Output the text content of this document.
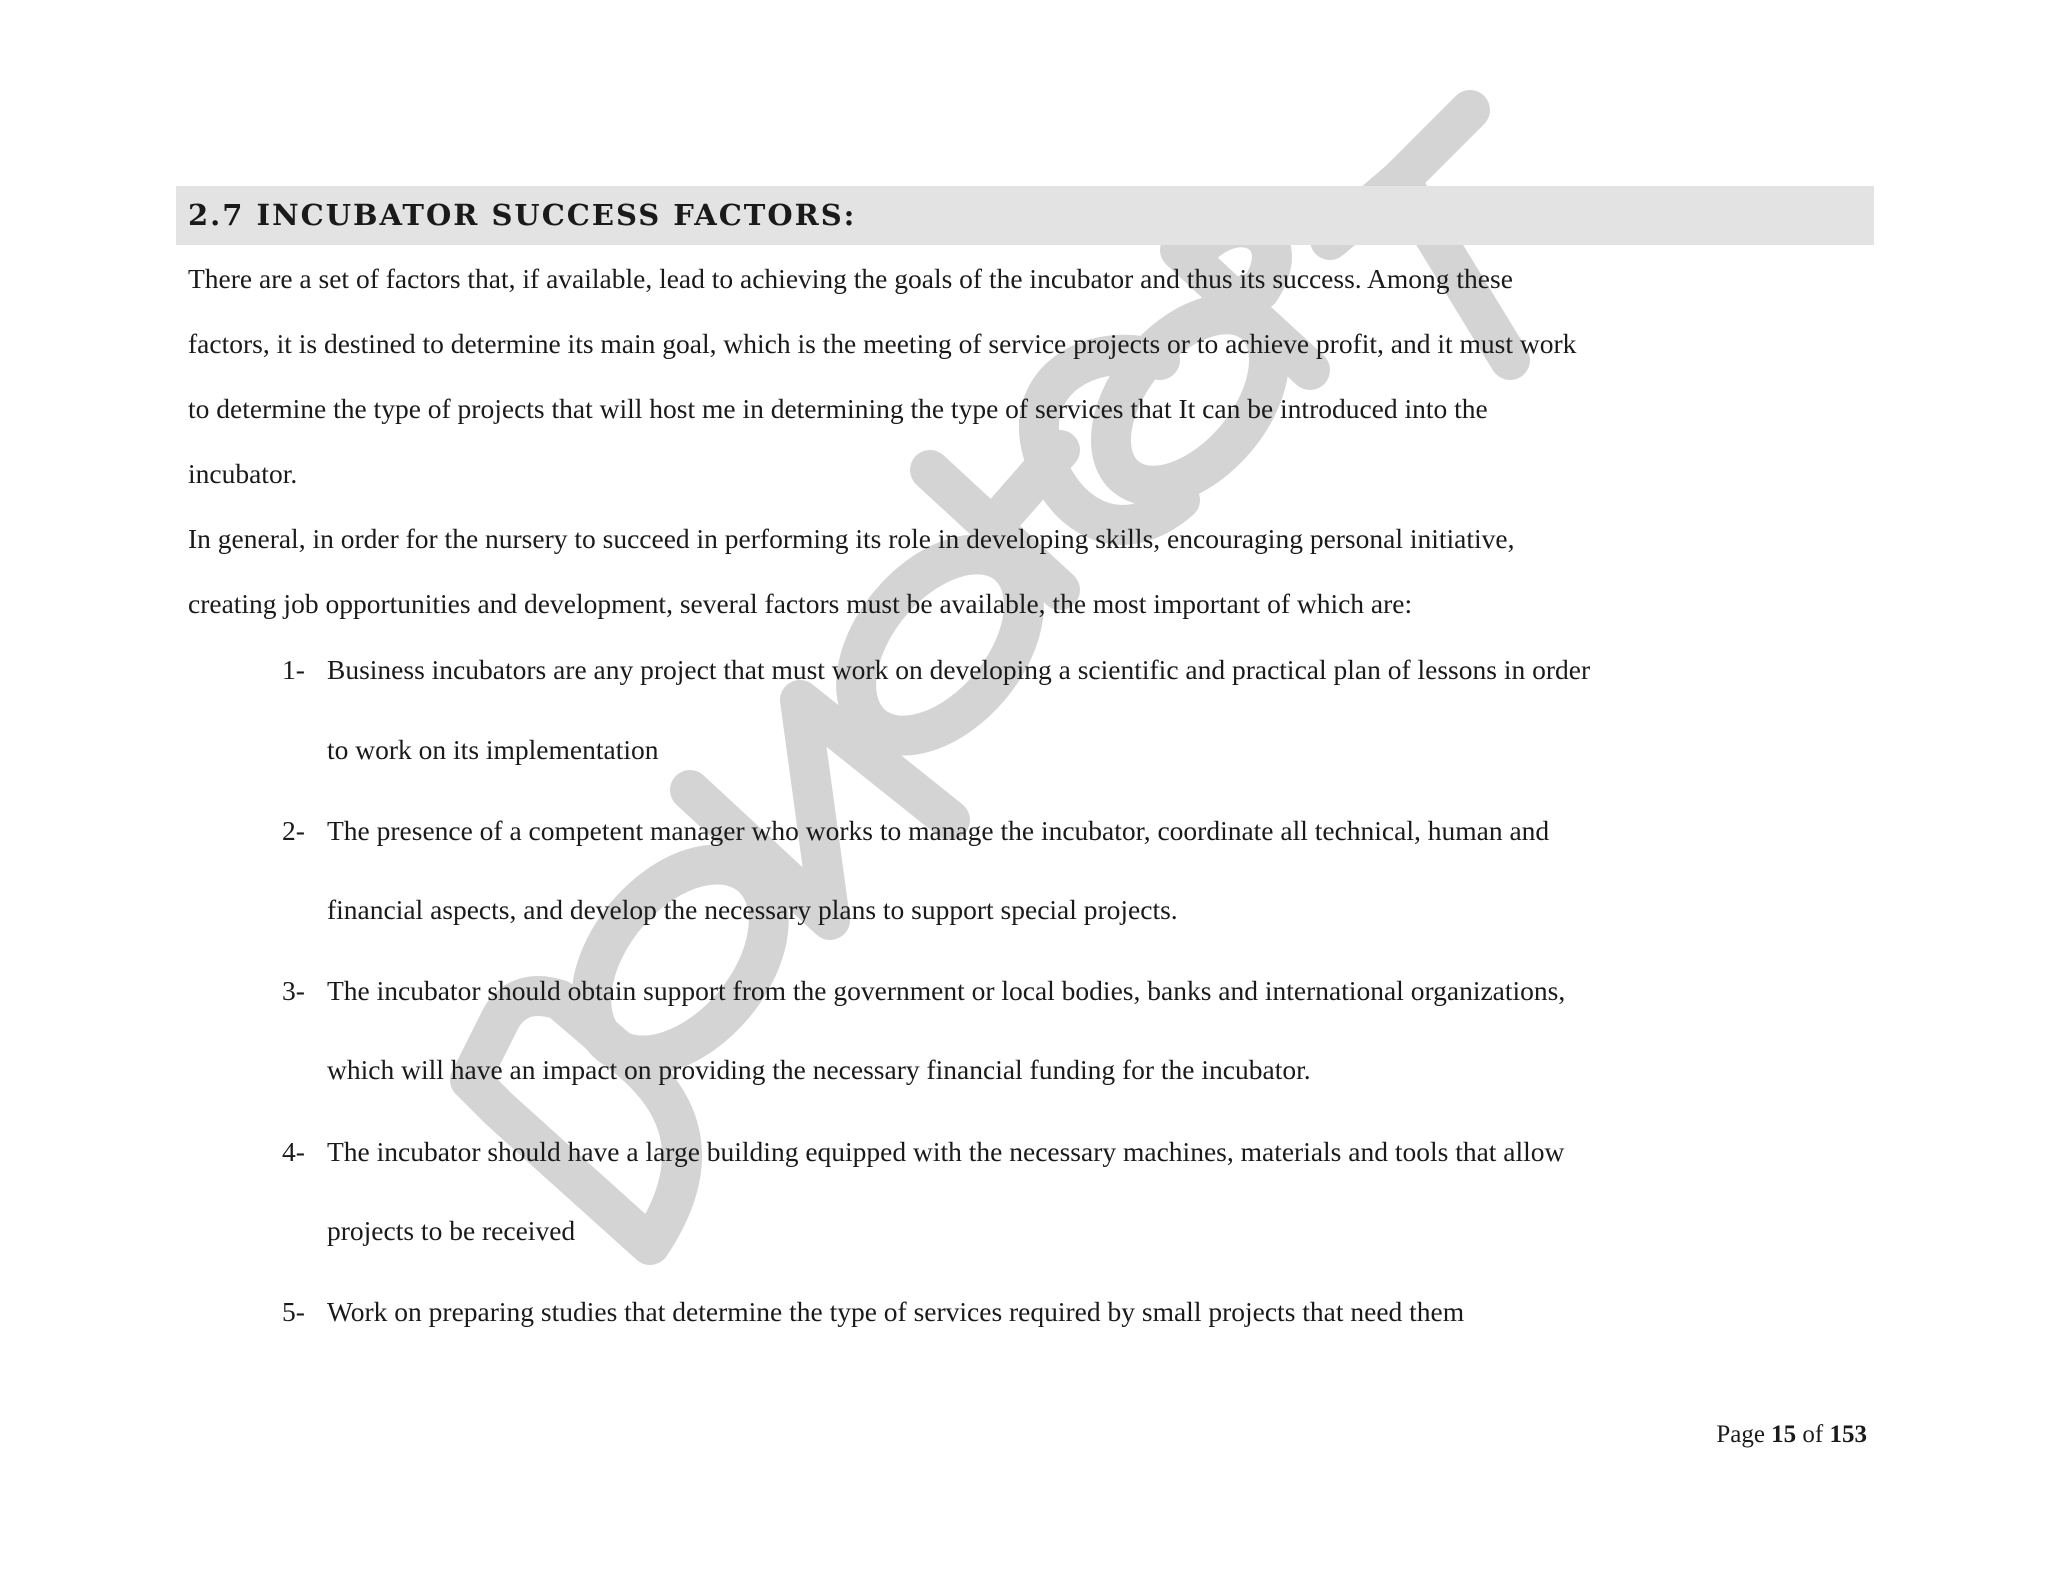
2.7 INCUBATOR SUCCESS FACTORS:
There are a set of factors that, if available, lead to achieving the goals of the incubator and thus its success. Among these
factors, it is destined to determine its main goal, which is the meeting of service projects or to achieve profit, and it must work
to determine the type of projects that will host me in determining the type of services that It can be introduced into the
incubator.
In general, in order for the nursery to succeed in performing its role in developing skills, encouraging personal initiative,
creating job opportunities and development, several factors must be available, the most important of which are:
1- Business incubators are any project that must work on developing a scientific and practical plan of lessons in order
to work on its implementation
2- The presence of a competent manager who works to manage the incubator, coordinate all technical, human and
financial aspects, and develop the necessary plans to support special projects.
3- The incubator should obtain support from the government or local bodies, banks and international organizations,
which will have an impact on providing the necessary financial funding for the incubator.
4- The incubator should have a large building equipped with the necessary machines, materials and tools that allow
projects to be received
5- Work on preparing studies that determine the type of services required by small projects that need them
Page 15 of 153
